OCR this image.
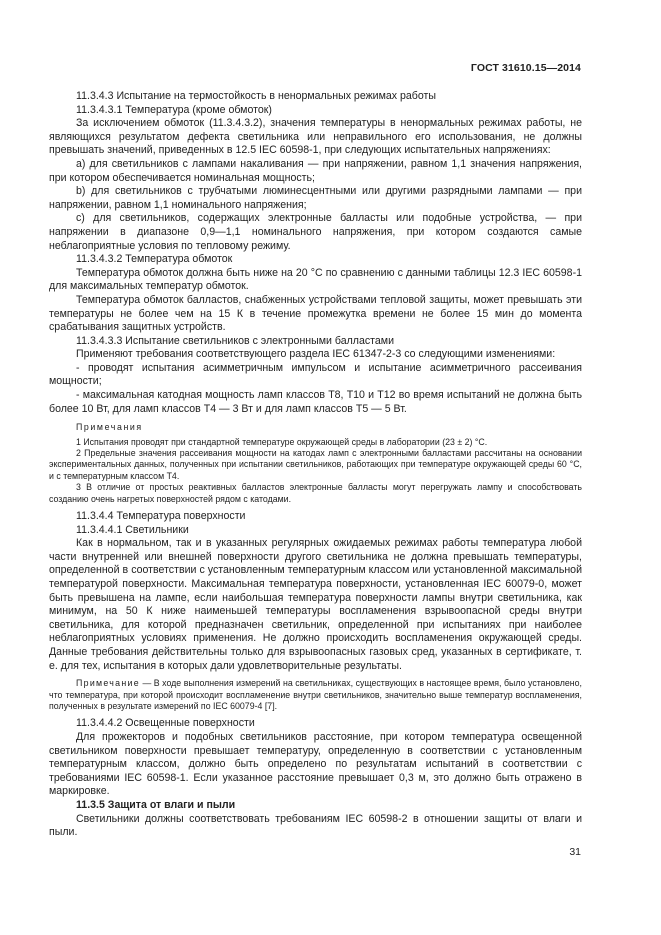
ГОСТ 31610.15—2014

11.3.4.3 Испытание на термостойкость в ненормальных режимах работы

11.3.4.3.1 Температура (кроме обмоток)

За исключением обмоток (11.3.4.3.2), значения температуры в ненормальных режимах работы, не являющихся результатом дефекта светильника или неправильного его использования, не должны превышать значений, приведенных в 12.5 IEC 60598-1, при следующих испытательных напряжениях:

a) для светильников с лампами накаливания — при напряжении, равном 1,1 значения напряжения, при котором обеспечивается номинальная мощность;

b) для светильников с трубчатыми люминесцентными или другими разрядными лампами — при напряжении, равном 1,1 номинального напряжения;

c) для светильников, содержащих электронные балласты или подобные устройства, — при напряжении в диапазоне 0,9—1,1 номинального напряжения, при котором создаются самые неблагоприятные условия по тепловому режиму.

11.3.4.3.2 Температура обмоток

Температура обмоток должна быть ниже на 20 °С по сравнению с данными таблицы 12.3 IEC 60598-1 для максимальных температур обмоток.

Температура обмоток балластов, снабженных устройствами тепловой защиты, может превышать эти температуры не более чем на 15 К в течение промежутка времени не более 15 мин до момента срабатывания защитных устройств.

11.3.4.3.3 Испытание светильников с электронными балластами

Применяют требования соответствующего раздела IEC 61347-2-3 со следующими изменениями:

- проводят испытания асимметричным импульсом и испытание асимметричного рассеивания мощности;

- максимальная катодная мощность ламп классов Т8, Т10 и Т12 во время испытаний не должна быть более 10 Вт, для ламп классов Т4 — 3 Вт и для ламп классов Т5 — 5 Вт.

Примечания

1 Испытания проводят при стандартной температуре окружающей среды в лаборатории (23 ± 2) °С.

2 Предельные значения рассеивания мощности на катодах ламп с электронными балластами рассчитаны на основании экспериментальных данных, полученных при испытании светильников, работающих при температуре окружающей среды 60 °С, и с температурным классом Т4.

3 В отличие от простых реактивных балластов электронные балласты могут перегружать лампу и способствовать созданию очень нагретых поверхностей рядом с катодами.

11.3.4.4 Температура поверхности

11.3.4.4.1 Светильники

Как в нормальном, так и в указанных регулярных ожидаемых режимах работы температура любой части внутренней или внешней поверхности другого светильника не должна превышать температуры, определенной в соответствии с установленным температурным классом или установленной максимальной температурой поверхности. Максимальная температура поверхности, установленная IEC 60079-0, может быть превышена на лампе, если наибольшая температура поверхности лампы внутри светильника, как минимум, на 50 К ниже наименьшей температуры воспламенения взрывоопасной среды внутри светильника, для которой предназначен светильник, определенной при испытаниях при наиболее неблагоприятных условиях применения. Не должно происходить воспламенения окружающей среды. Данные требования действительны только для взрывоопасных газовых сред, указанных в сертификате, т. е. для тех, испытания в которых дали удовлетворительные результаты.

Примечание — В ходе выполнения измерений на светильниках, существующих в настоящее время, было установлено, что температура, при которой происходит воспламенение внутри светильников, значительно выше температур воспламенения, полученных в результате измерений по IEC 60079-4 [7].

11.3.4.4.2 Освещенные поверхности

Для прожекторов и подобных светильников расстояние, при котором температура освещенной светильником поверхности превышает температуру, определенную в соответствии с установленным температурным классом, должно быть определено по результатам испытаний в соответствии с требованиями IEC 60598-1. Если указанное расстояние превышает 0,3 м, это должно быть отражено в маркировке.

11.3.5 Защита от влаги и пыли

Светильники должны соответствовать требованиям IEC 60598-2 в отношении защиты от влаги и пыли.

31
